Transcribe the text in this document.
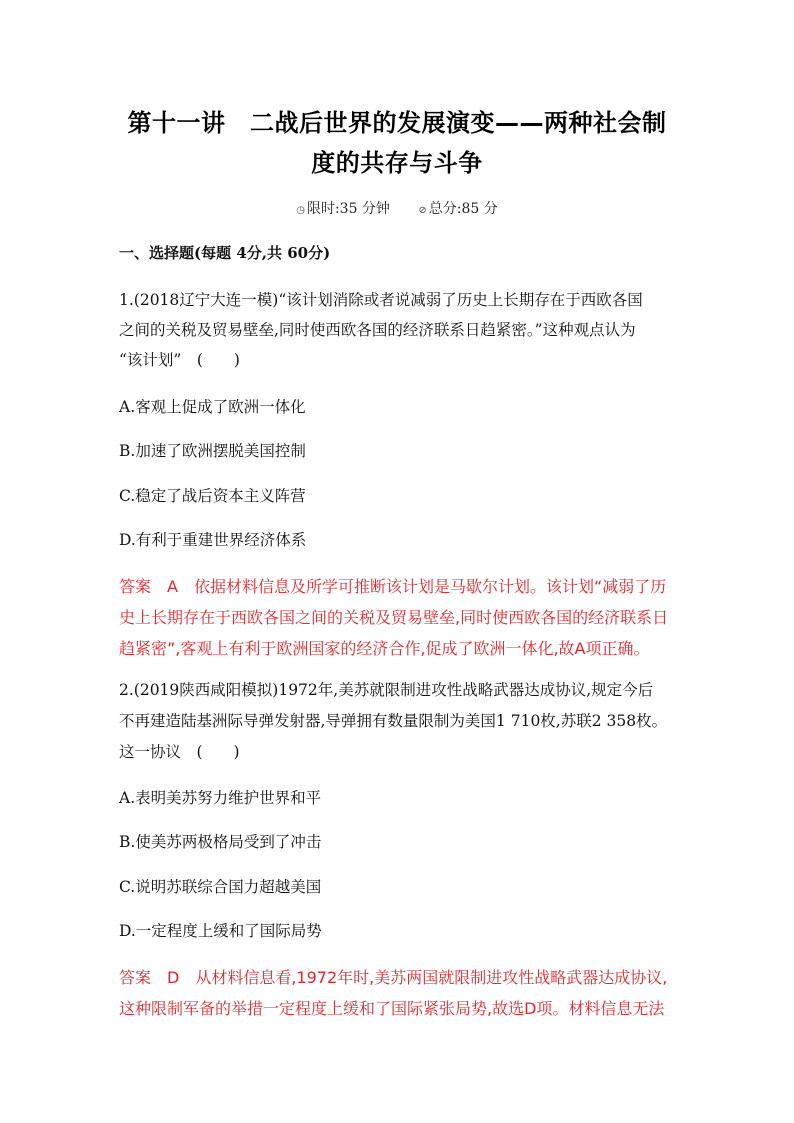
第十一讲　二战后世界的发展演变——两种社会制
度的共存与斗争
◷ 限时:35 分钟	⊘ 总分:85 分
一、选择题(每题 4分,共 60分)
1.(2018辽宁大连一模)“该计划消除或者说减弱了历史上长期存在于西欧各国
之间的关税及贸易壁垒,同时使西欧各国的经济联系日趋紧密。”这种观点认为
“该计划”　(　　)
A.客观上促成了欧洲一体化
B.加速了欧洲摆脱美国控制
C.稳定了战后资本主义阵营
D.有利于重建世界经济体系
答案　A　依据材料信息及所学可推断该计划是马歇尔计划。该计划“减弱了历
史上长期存在于西欧各国之间的关税及贸易壁垒,同时使西欧各国的经济联系日
趋紧密”,客观上有利于欧洲国家的经济合作,促成了欧洲一体化,故A项正确。
2.(2019陕西咸阳模拟)1972年,美苏就限制进攻性战略武器达成协议,规定今后
不再建造陆基洲际导弹发射器,导弹拥有数量限制为美国1 710枚,苏联2 358枚。
这一协议　(　　)
A.表明美苏努力维护世界和平
B.使美苏两极格局受到了冲击
C.说明苏联综合国力超越美国
D.一定程度上缓和了国际局势
答案　D　从材料信息看,1972年时,美苏两国就限制进攻性战略武器达成协议,
这种限制军备的举措一定程度上缓和了国际紧张局势,故选D项。材料信息无法
